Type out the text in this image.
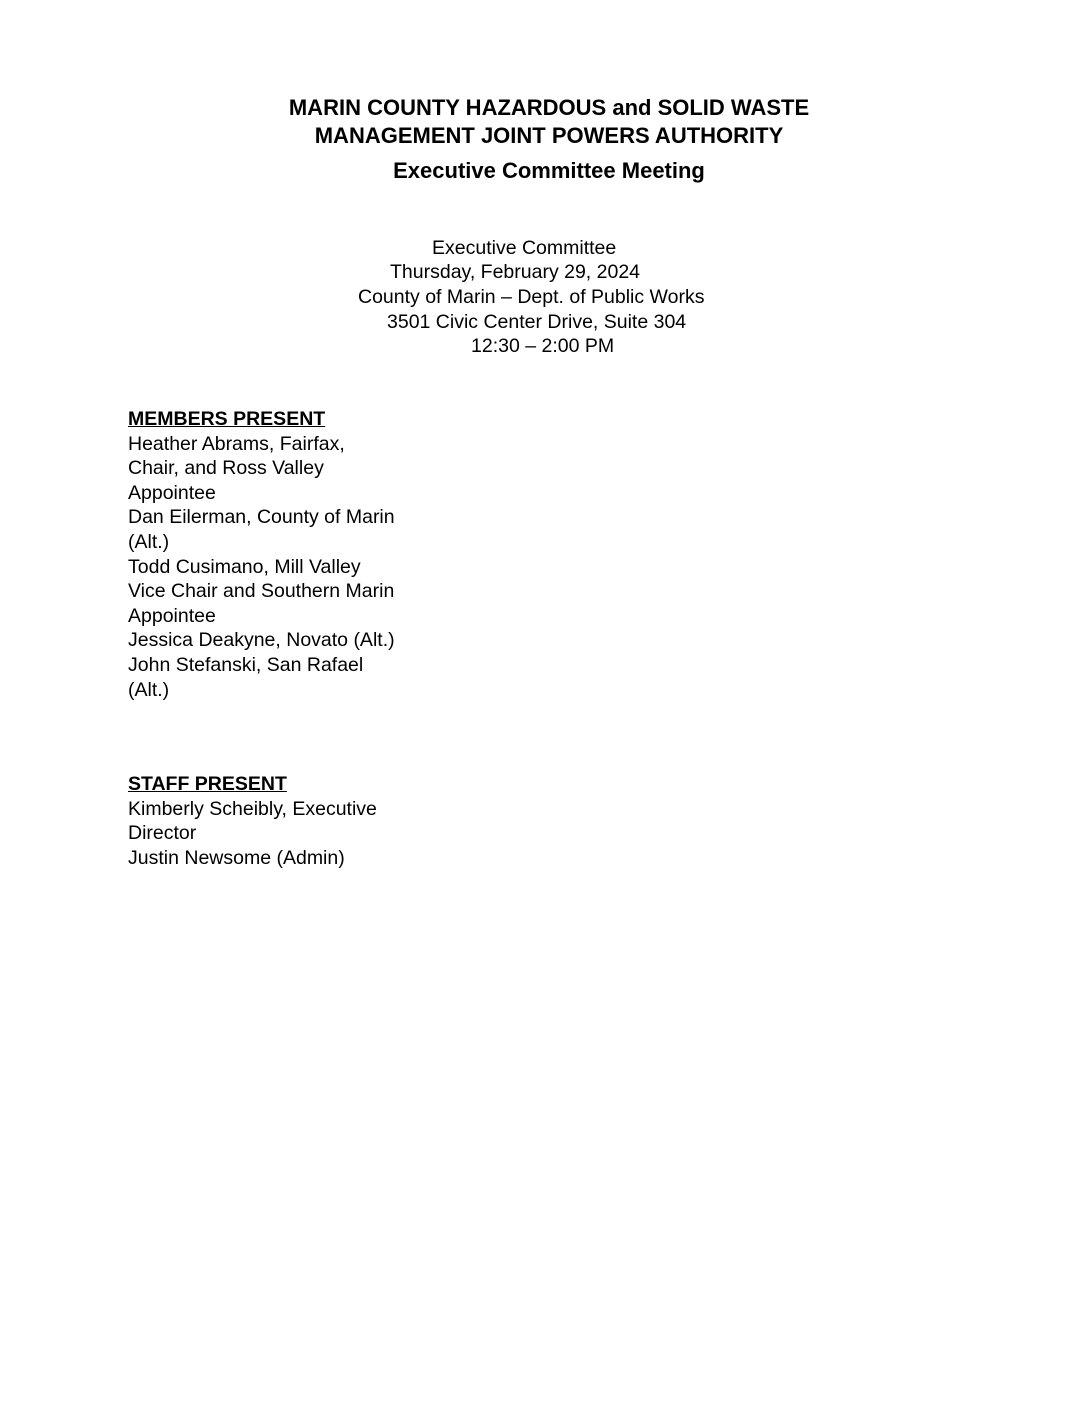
MARIN COUNTY HAZARDOUS and SOLID WASTE
MANAGEMENT JOINT POWERS AUTHORITY
Executive Committee Meeting

Executive Committee

Thursday, February 29, 2024

County of Marin – Dept. of Public Works

3501 Civic Center Drive, Suite 304

12:30 – 2:00 PM

MEMBERS PRESENT
Heather Abrams, Fairfax, Chair, and Ross Valley Appointee
Dan Eilerman, County of Marin (Alt.)
Todd Cusimano, Mill Valley Vice Chair and Southern Marin Appointee
Jessica Deakyne, Novato (Alt.)
John Stefanski, San Rafael (Alt.)
STAFF PRESENT
Kimberly Scheibly, Executive Director
Justin Newsome (Admin)
